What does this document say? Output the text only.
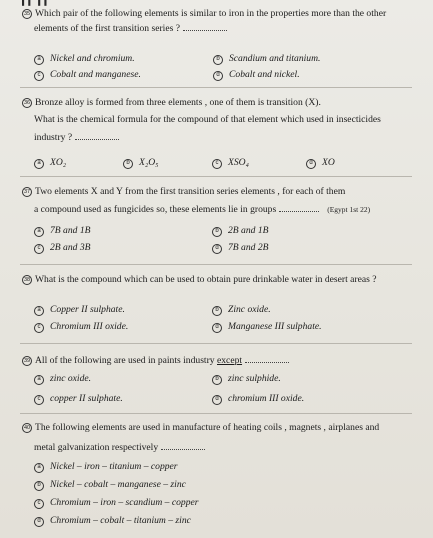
▌▌ ▌▌
35 Which pair of the following elements is similar to iron in the properties more than the other
elements of the first transition series ?
a Nickel and chromium.	b Scandium and titanium.
c Cobalt and manganese.	d Cobalt and nickel.
36 Bronze alloy is formed from three elements , one of them is transition (X).
What is the chemical formula for the compound of that element which used in insecticides
industry ?
a XO₂	b X₂O₅	c XSO₄	d XO
37 Two elements X and Y from the first transition series elements , for each of them
a compound used as fungicides so, these elements lie in groups	(Egypt 1st 22)
a 7B and 1B	b 2B and 1B
c 2B and 3B	d 7B and 2B
38 What is the compound which can be used to obtain pure drinkable water in desert areas ?
a Copper II sulphate.	b Zinc oxide.
c Chromium III oxide.	d Manganese III sulphate.
39 All of the following are used in paints industry except
a zinc oxide.	b zinc sulphide.
c copper II sulphate.	d chromium III oxide.
40 The following elements are used in manufacture of heating coils , magnets , airplanes and
metal galvanization respectively
a Nickel – iron – titanium – copper
b Nickel – cobalt – manganese – zinc
c Chromium – iron – scandium – copper
d Chromium – cobalt – titanium – zinc
